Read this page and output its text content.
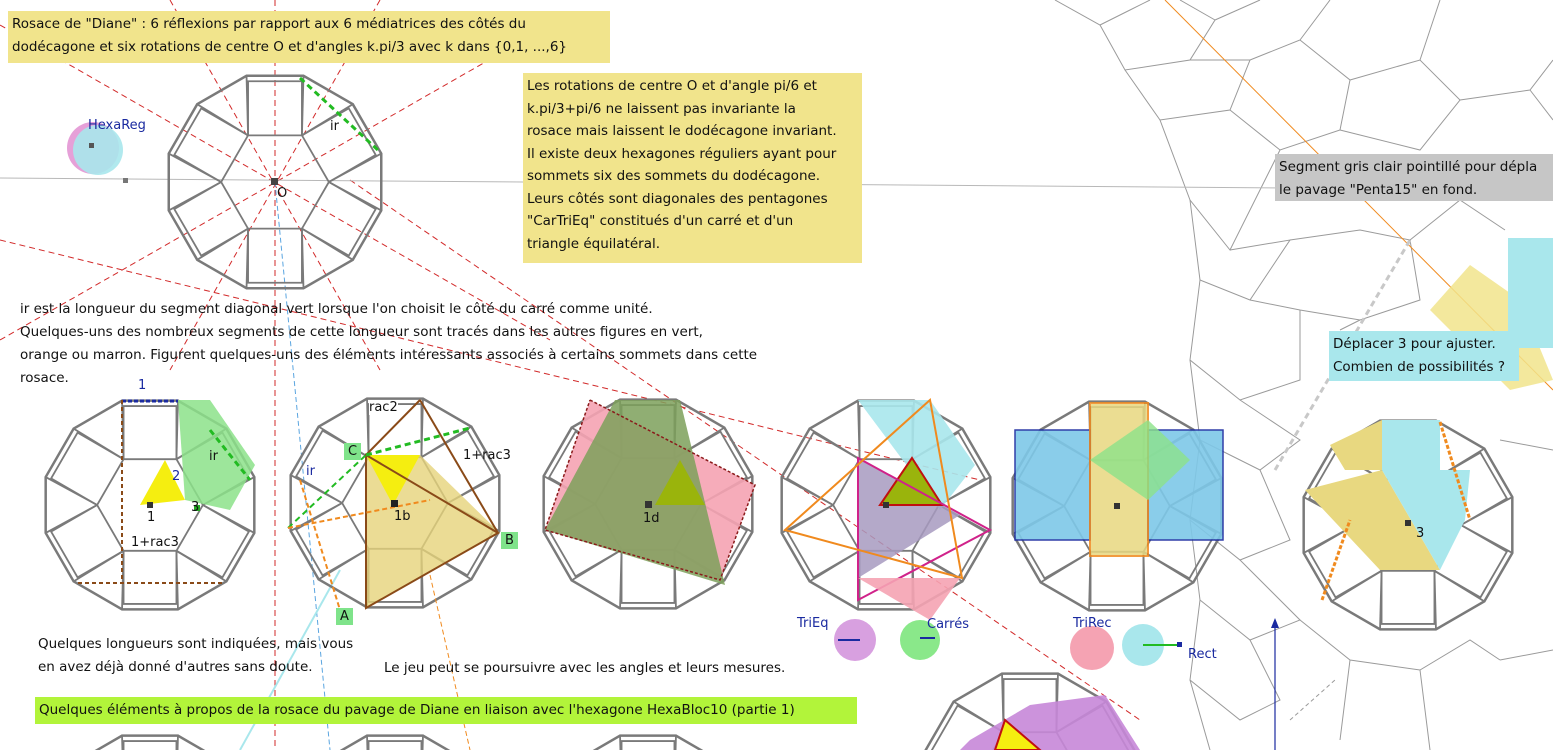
Rosace de "Diane" : 6 réflexions par rapport aux 6 médiatrices des côtés du
dodécagone et six rotations de centre O et d'angles k.pi/3 avec k dans {0,1, ...,6}
Les rotations de centre O et d'angle pi/6 et
k.pi/3+pi/6 ne laissent pas invariante la
rosace mais laissent le dodécagone invariant.
Il existe deux hexagones réguliers ayant pour
sommets six des sommets du dodécagone.
Leurs côtés sont diagonales des pentagones
"CarTriEq" constitués d'un carré et d'un
triangle équilatéral.
Segment gris clair pointillé pour dépla
le pavage "Penta15" en fond.
ir est la longueur du segment diagonal vert lorsque l'on choisit le côté du carré comme unité.
Quelques-uns des nombreux segments de cette longueur sont tracés dans les autres figures en vert,
orange ou marron. Figurent quelques-uns des éléments intéressants associés à certains sommets dans cette
rosace.
Déplacer 3 pour ajuster.
Combien de possibilités ?
Quelques longueurs sont indiquées, mais vous
en avez déjà donné d'autres sans doute.	Le jeu peut se poursuivre avec les angles et leurs mesures.
Quelques éléments à propos de la rosace du pavage de Diane en liaison avec l'hexagone HexaBloc10 (partie 1)
O
ir
HexaReg
1
2
ir
3
1
1+rac3
rac2
1+rac3
ir
1b
C
B
A
1d
3
TriEq	Carrés	TriRec
Rect
